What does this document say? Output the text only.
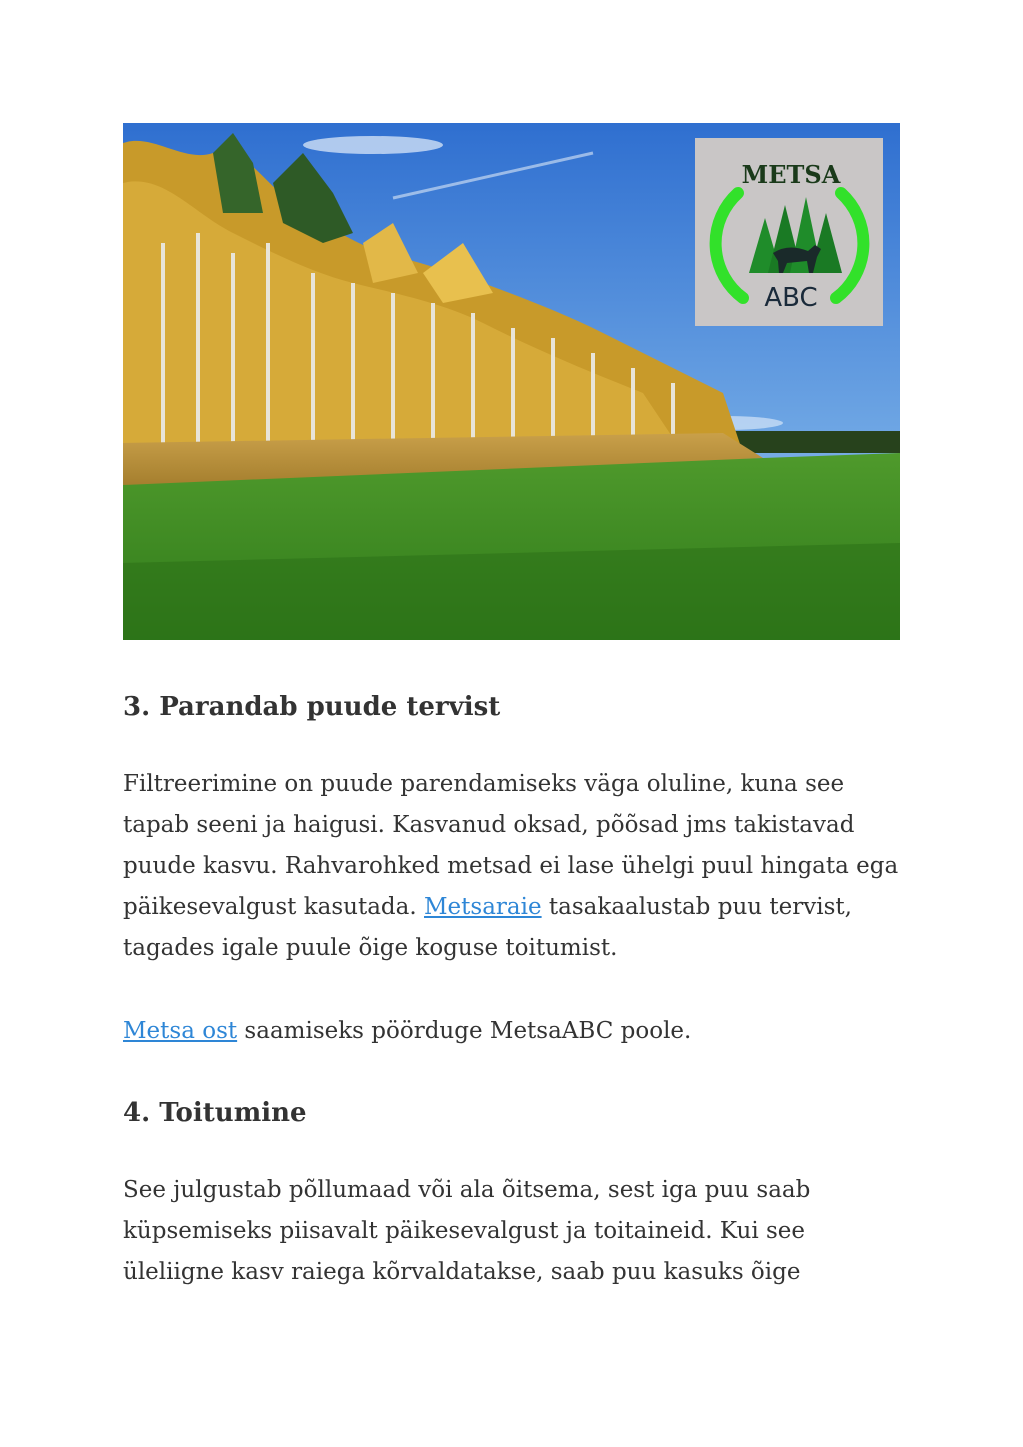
METSA
ABC
3. Parandab puude tervist

Filtreerimine on puude parendamiseks väga oluline, kuna see tapab seeni ja haigusi. Kasvanud oksad, põõsad jms takistavad puude kasvu. Rahvarohked metsad ei lase ühelgi puul hingata ega päikesevalgust kasutada. Metsaraie tasakaalustab puu tervist, tagades igale puule õige koguse toitumist.

Metsa ost saamiseks pöörduge MetsaABC poole.

4. Toitumine

See julgustab põllumaad või ala õitsema, sest iga puu saab küpsemiseks piisavalt päikesevalgust ja toitaineid. Kui see üleliigne kasv raiega kõrvaldatakse, saab puu kasuks õige
